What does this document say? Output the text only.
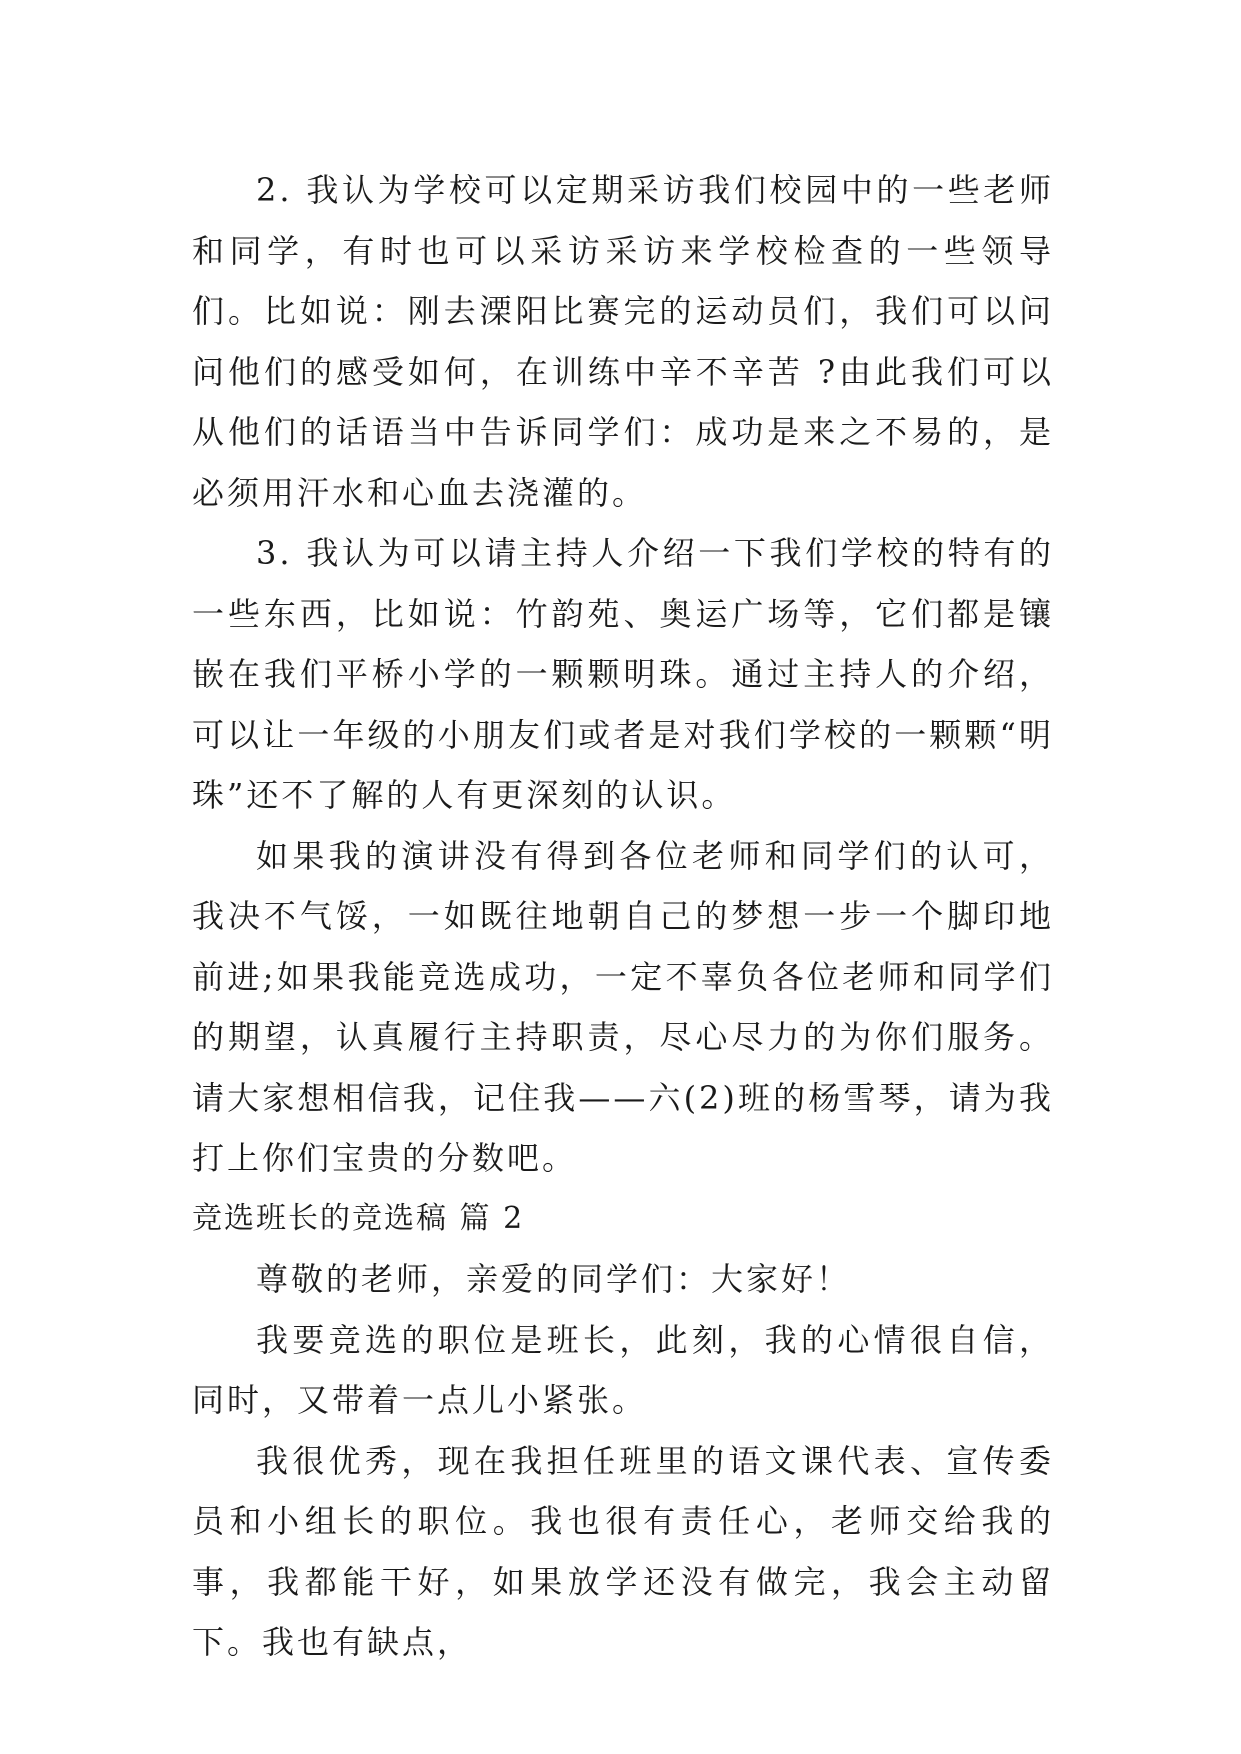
2. 我认为学校可以定期采访我们校园中的一些老师和同学，有时也可以采访采访来学校检查的一些领导们。比如说：刚去溧阳比赛完的运动员们，我们可以问问他们的感受如何，在训练中辛不辛苦 ?由此我们可以从他们的话语当中告诉同学们：成功是来之不易的，是必须用汗水和心血去浇灌的。

3. 我认为可以请主持人介绍一下我们学校的特有的一些东西，比如说：竹韵苑、奥运广场等，它们都是镶嵌在我们平桥小学的一颗颗明珠。通过主持人的介绍，可以让一年级的小朋友们或者是对我们学校的一颗颗“明珠”还不了解的人有更深刻的认识。

如果我的演讲没有得到各位老师和同学们的认可，我决不气馁，一如既往地朝自己的梦想一步一个脚印地前进;如果我能竞选成功，一定不辜负各位老师和同学们的期望，认真履行主持职责，尽心尽力的为你们服务。请大家想相信我，记住我——六(2)班的杨雪琴，请为我打上你们宝贵的分数吧。

竞选班长的竞选稿 篇 2

尊敬的老师，亲爱的同学们：大家好！

我要竞选的职位是班长，此刻，我的心情很自信，同时，又带着一点儿小紧张。

我很优秀，现在我担任班里的语文课代表、宣传委员和小组长的职位。我也很有责任心，老师交给我的事，我都能干好，如果放学还没有做完，我会主动留下。我也有缺点，
